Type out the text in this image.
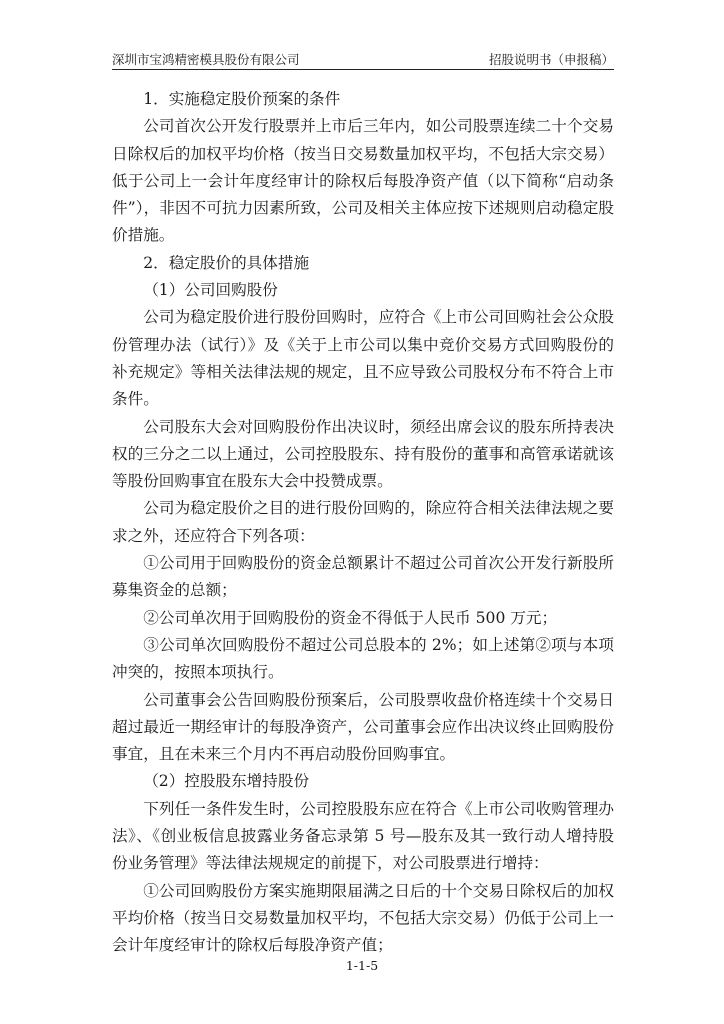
深圳市宝鸿精密模具股份有限公司	招股说明书（申报稿）

1．实施稳定股价预案的条件

公司首次公开发行股票并上市后三年内，如公司股票连续二十个交易日除权后的加权平均价格（按当日交易数量加权平均，不包括大宗交易）低于公司上一会计年度经审计的除权后每股净资产值（以下简称“启动条件”），非因不可抗力因素所致，公司及相关主体应按下述规则启动稳定股价措施。

2．稳定股价的具体措施

（1）公司回购股份

公司为稳定股价进行股份回购时，应符合《上市公司回购社会公众股份管理办法（试行）》及《关于上市公司以集中竞价交易方式回购股份的补充规定》等相关法律法规的规定，且不应导致公司股权分布不符合上市条件。

公司股东大会对回购股份作出决议时，须经出席会议的股东所持表决权的三分之二以上通过，公司控股股东、持有股份的董事和高管承诺就该等股份回购事宜在股东大会中投赞成票。

公司为稳定股价之目的进行股份回购的，除应符合相关法律法规之要求之外，还应符合下列各项：

①公司用于回购股份的资金总额累计不超过公司首次公开发行新股所募集资金的总额；

②公司单次用于回购股份的资金不得低于人民币 500 万元；

③公司单次回购股份不超过公司总股本的 2%；如上述第②项与本项冲突的，按照本项执行。

公司董事会公告回购股份预案后，公司股票收盘价格连续十个交易日超过最近一期经审计的每股净资产，公司董事会应作出决议终止回购股份事宜，且在未来三个月内不再启动股份回购事宜。

（2）控股股东增持股份

下列任一条件发生时，公司控股股东应在符合《上市公司收购管理办法》、《创业板信息披露业务备忘录第 5 号—股东及其一致行动人增持股份业务管理》等法律法规规定的前提下，对公司股票进行增持：

①公司回购股份方案实施期限届满之日后的十个交易日除权后的加权平均价格（按当日交易数量加权平均，不包括大宗交易）仍低于公司上一会计年度经审计的除权后每股净资产值；

1-1-5
